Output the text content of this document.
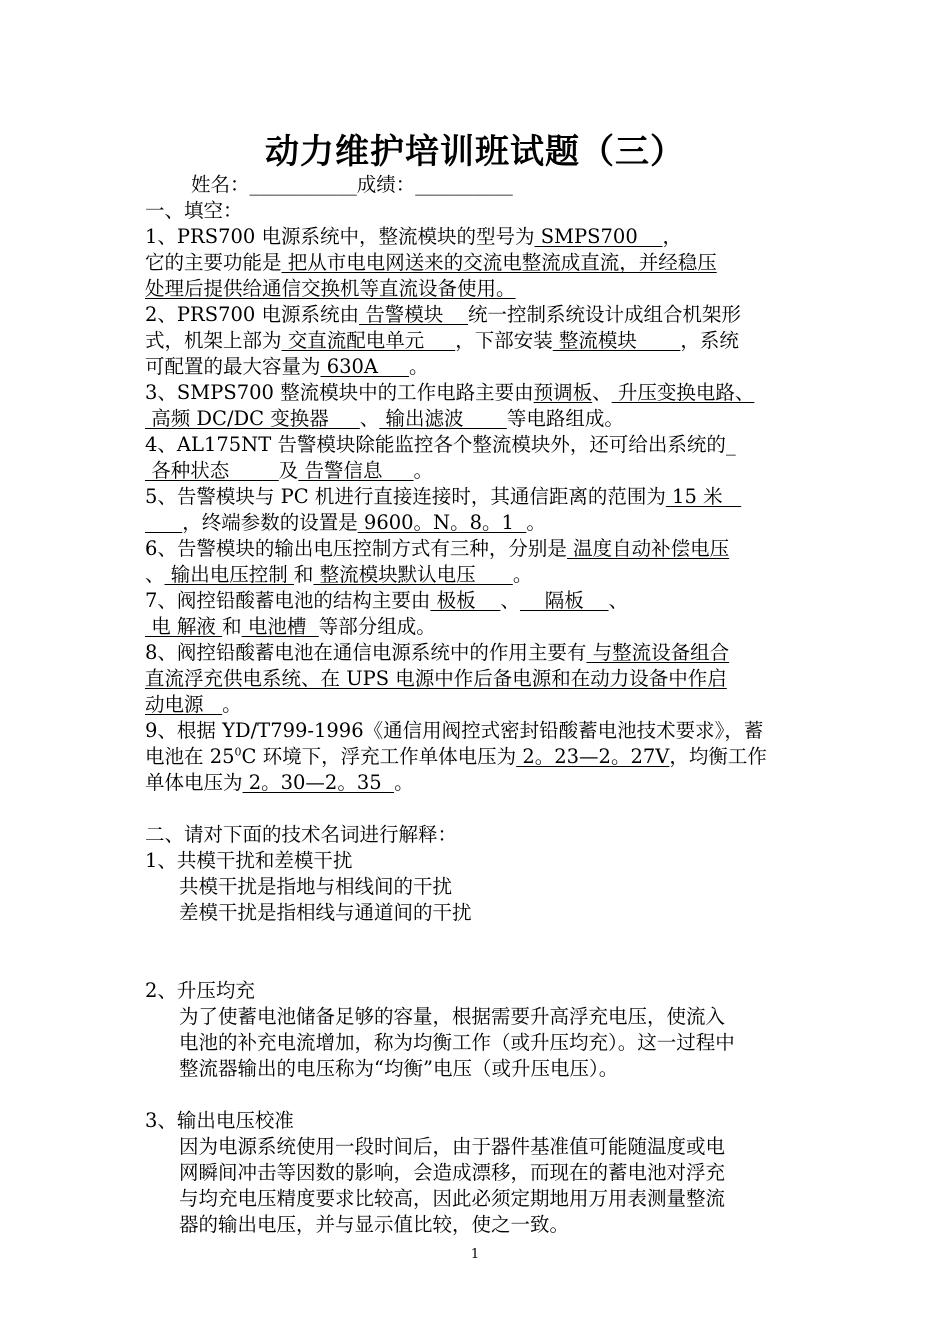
动力维护培训班试题（三）
姓名：___________成绩：__________
一、填空：
1、PRS700 电源系统中，整流模块的型号为 SMPS700    ，
它的主要功能是 把从市电电网送来的交流电整流成直流，并经稳压
处理后提供给通信交换机等直流设备使用。
2、PRS700 电源系统由 告警模块    统一控制系统设计成组合机架形
式，机架上部为 交直流配电单元     ，下部安装 整流模块       ，系统
可配置的最大容量为 630A     。
3、SMPS700 整流模块中的工作电路主要由预调板、 升压变换电路、
高频 DC/DC 变换器     、 输出滤波       等电路组成。
4、AL175NT 告警模块除能监控各个整流模块外，还可给出系统的_
各种状态        及 告警信息     。
5、告警模块与 PC 机进行直接连接时，其通信距离的范围为 15 米
，终端参数的设置是 9600。N。8。1  。
6、告警模块的输出电压控制方式有三种，分别是 温度自动补偿电压
、 输出电压控制 和 整流模块默认电压      。
7、阀控铅酸蓄电池的结构主要由 极板    、    隔板    、
电 解液 和 电池槽  等部分组成。
8、阀控铅酸蓄电池在通信电源系统中的作用主要有 与整流设备组合
直流浮充供电系统、在 UPS 电源中作后备电源和在动力设备中作启
动电源   。
9、根据 YD/T799-1996《通信用阀控式密封铅酸蓄电池技术要求》，蓄
电池在 $25^0C$ 环境下，浮充工作单体电压为 2。23—2。27V，均衡工作
单体电压为 2。30—2。35  。
二、请对下面的技术名词进行解释：
1、共模干扰和差模干扰
共模干扰是指地与相线间的干扰
差模干扰是指相线与通道间的干扰
2、升压均充
为了使蓄电池储备足够的容量，根据需要升高浮充电压，使流入
电池的补充电流增加，称为均衡工作（或升压均充）。这一过程中
整流器输出的电压称为“均衡”电压（或升压电压）。
3、输出电压校准
因为电源系统使用一段时间后，由于器件基准值可能随温度或电
网瞬间冲击等因数的影响，会造成漂移，而现在的蓄电池对浮充
与均充电压精度要求比较高，因此必须定期地用万用表测量整流
器的输出电压，并与显示值比较，使之一致。
1
